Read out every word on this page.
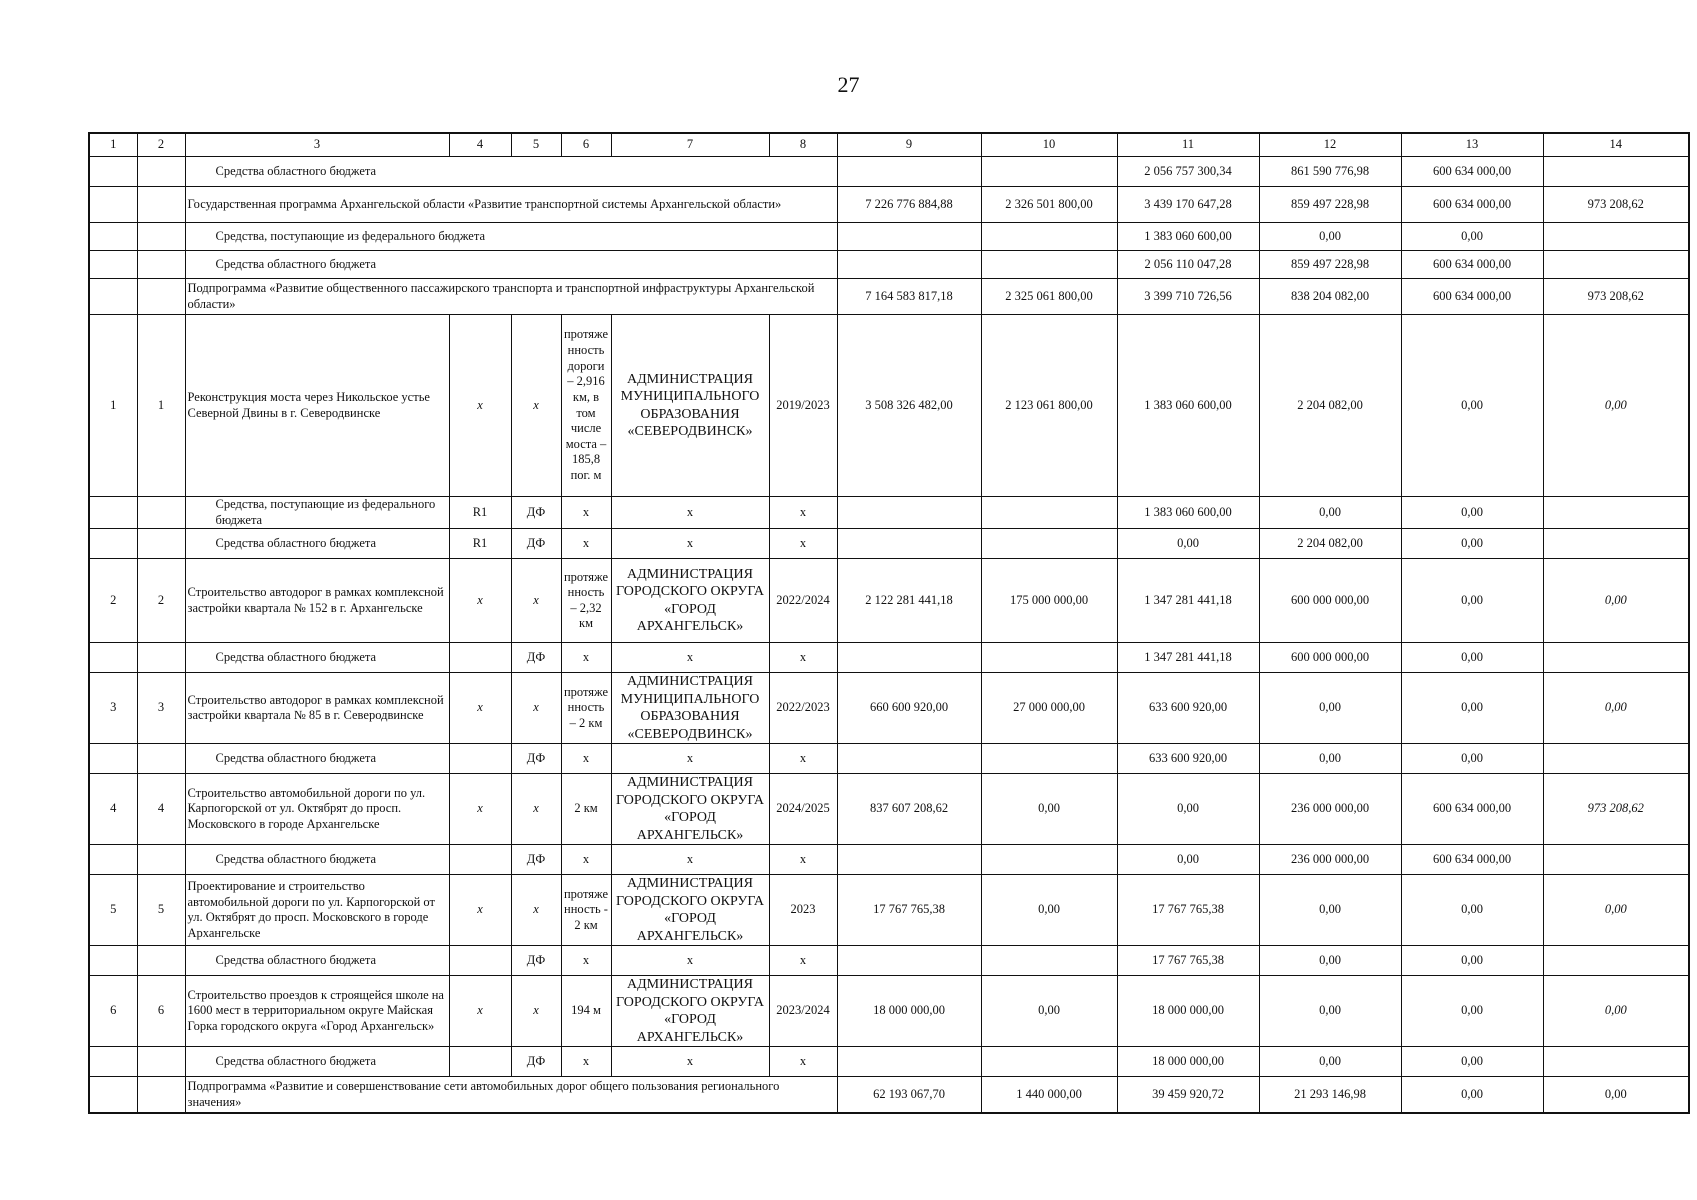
27
1	2	3	4	5	6	7	8	9	10	11	12	13	14
		Средства областного бюджета								2 056 757 300,34	861 590 776,98	600 634 000,00	
		Государственная программа Архангельской области «Развитие транспортной системы Архангельской области»						7 226 776 884,88	2 326 501 800,00	3 439 170 647,28	859 497 228,98	600 634 000,00	973 208,62
		Средства, поступающие из федерального бюджета								1 383 060 600,00	0,00	0,00	
		Средства областного бюджета								2 056 110 047,28	859 497 228,98	600 634 000,00	
		Подпрограмма «Развитие общественного пассажирского транспорта и транспортной инфраструктуры Архангельской области»						7 164 583 817,18	2 325 061 800,00	3 399 710 726,56	838 204 082,00	600 634 000,00	973 208,62
1	1	Реконструкция моста через Никольское устье Северной Двины в г. Северодвинске	х	х	протяженность дороги – 2,916 км, в том числе моста – 185,8 пог. м	АДМИНИСТРАЦИЯ МУНИЦИПАЛЬНОГО ОБРАЗОВАНИЯ «СЕВЕРОДВИНСК»	2019/2023	3 508 326 482,00	2 123 061 800,00	1 383 060 600,00	2 204 082,00	0,00	0,00
		Средства, поступающие из федерального бюджета	R1	ДФ	х	х	х			1 383 060 600,00	0,00	0,00	
		Средства областного бюджета	R1	ДФ	х	х	х			0,00	2 204 082,00	0,00	
2	2	Строительство автодорог в рамках комплексной застройки квартала № 152 в г. Архангельске	х	х	протяженность – 2,32 км	АДМИНИСТРАЦИЯ ГОРОДСКОГО ОКРУГА «ГОРОД АРХАНГЕЛЬСК»	2022/2024	2 122 281 441,18	175 000 000,00	1 347 281 441,18	600 000 000,00	0,00	0,00
		Средства областного бюджета		ДФ	х	х	х			1 347 281 441,18	600 000 000,00	0,00	
3	3	Строительство автодорог в рамках комплексной застройки квартала № 85 в г. Северодвинске	х	х	протяженность – 2 км	АДМИНИСТРАЦИЯ МУНИЦИПАЛЬНОГО ОБРАЗОВАНИЯ «СЕВЕРОДВИНСК»	2022/2023	660 600 920,00	27 000 000,00	633 600 920,00	0,00	0,00	0,00
		Средства областного бюджета		ДФ	х	х	х			633 600 920,00	0,00	0,00	
4	4	Строительство автомобильной дороги по ул. Карпогорской от ул. Октябрят до просп. Московского в городе Архангельске	х	х	2 км	АДМИНИСТРАЦИЯ ГОРОДСКОГО ОКРУГА «ГОРОД АРХАНГЕЛЬСК»	2024/2025	837 607 208,62	0,00	0,00	236 000 000,00	600 634 000,00	973 208,62
		Средства областного бюджета		ДФ	х	х	х			0,00	236 000 000,00	600 634 000,00	
5	5	Проектирование и строительство автомобильной дороги по ул. Карпогорской от ул. Октябрят до просп. Московского в городе Архангельске	х	х	протяженность - 2 км	АДМИНИСТРАЦИЯ ГОРОДСКОГО ОКРУГА «ГОРОД АРХАНГЕЛЬСК»	2023	17 767 765,38	0,00	17 767 765,38	0,00	0,00	0,00
		Средства областного бюджета		ДФ	х	х	х			17 767 765,38	0,00	0,00	
6	6	Строительство проездов к строящейся школе на 1600 мест в территориальном округе Майская Горка городского округа «Город Архангельск»	х	х	194 м	АДМИНИСТРАЦИЯ ГОРОДСКОГО ОКРУГА «ГОРОД АРХАНГЕЛЬСК»	2023/2024	18 000 000,00	0,00	18 000 000,00	0,00	0,00	0,00
		Средства областного бюджета		ДФ	х	х	х			18 000 000,00	0,00	0,00	
		Подпрограмма «Развитие и совершенствование сети автомобильных дорог общего пользования регионального значения»						62 193 067,70	1 440 000,00	39 459 920,72	21 293 146,98	0,00	0,00
